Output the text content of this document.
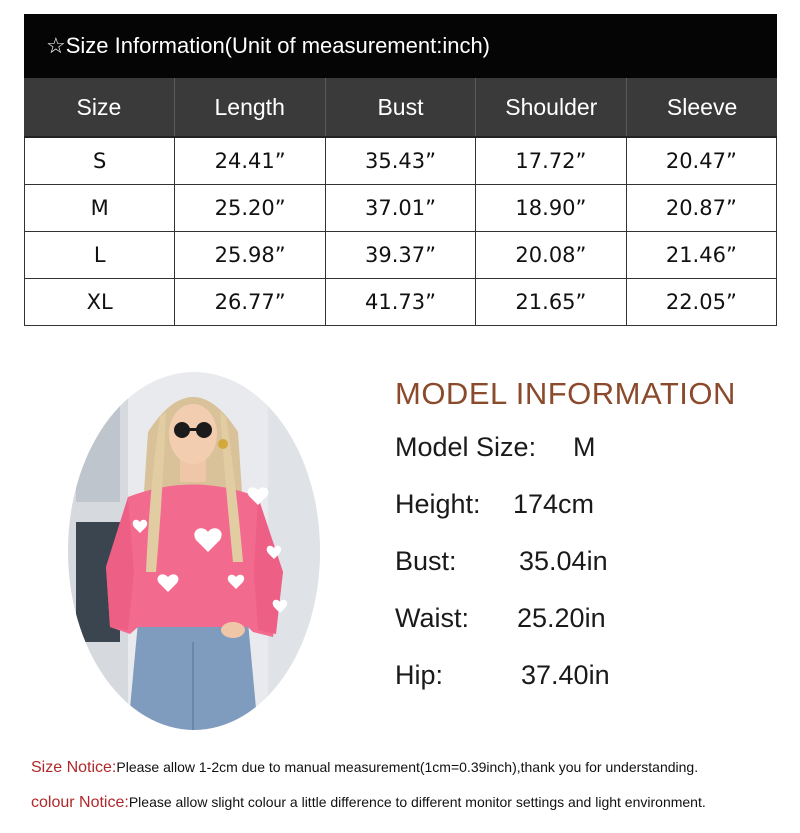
☆Size Information(Unit of measurement:inch)
Size	Length	Bust	Shoulder	Sleeve
S	24.41”	35.43”	17.72”	20.47”
M	25.20”	37.01”	18.90”	20.87”
L	25.98”	39.37”	20.08”	21.46”
XL	26.77”	41.73”	21.65”	22.05”
MODEL INFORMATION
Model Size:	M
Height:	174cm
Bust:	35.04in
Waist:	25.20in
Hip:	37.40in
Size Notice:Please allow 1-2cm due to manual measurement(1cm=0.39inch),thank you for understanding.
colour Notice:Please allow slight colour a little difference to different monitor settings and light environment.
